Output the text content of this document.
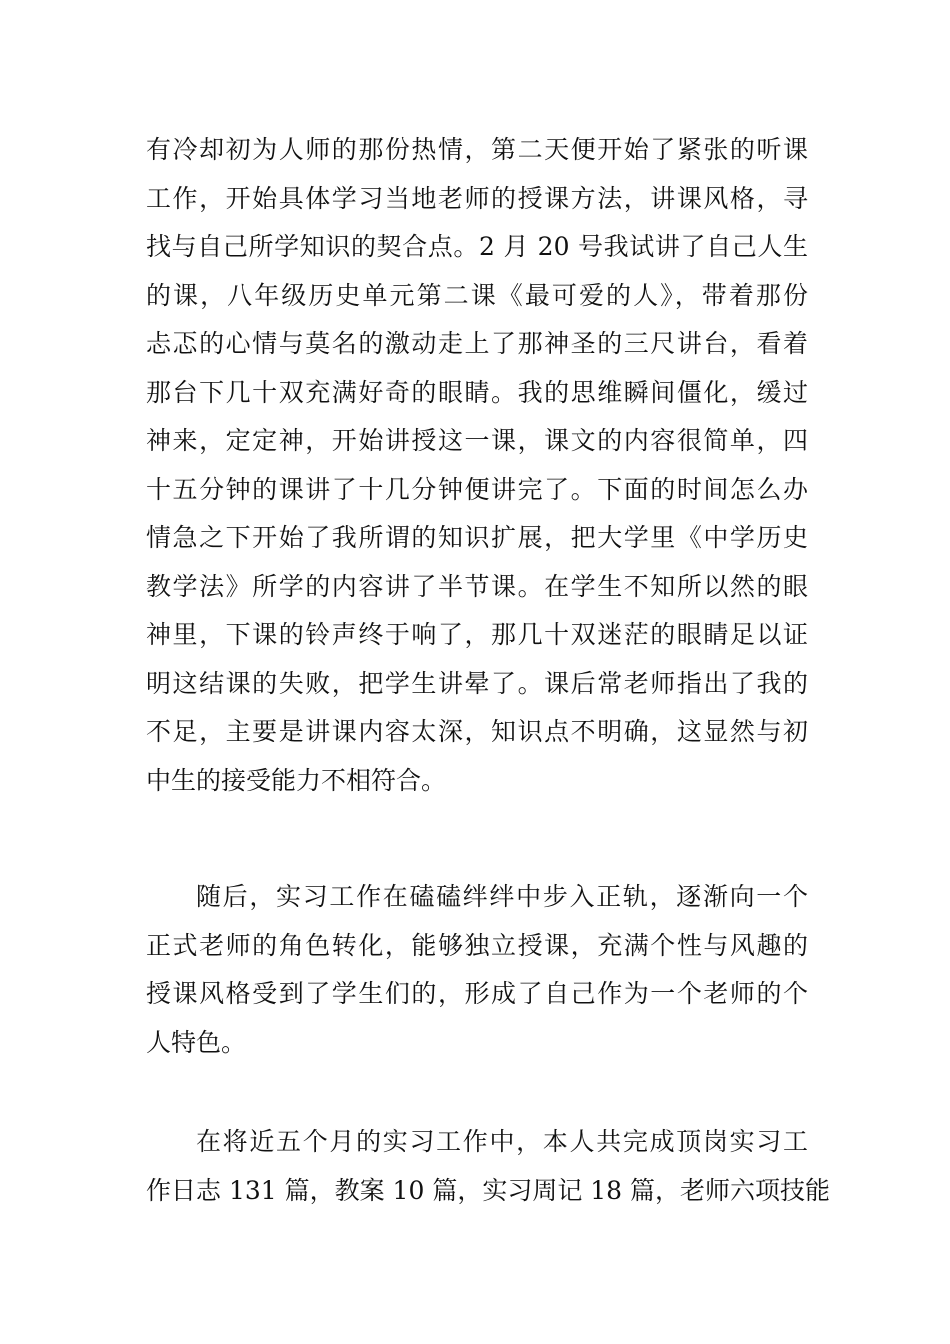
有冷却初为人师的那份热情，第二天便开始了紧张的听课
工作，开始具体学习当地老师的授课方法，讲课风格，寻
找与自己所学知识的契合点。2 月 20 号我试讲了自己人生
的课，八年级历史单元第二课《最可爱的人》，带着那份
忐忑的心情与莫名的激动走上了那神圣的三尺讲台，看着
那台下几十双充满好奇的眼睛。我的思维瞬间僵化，缓过
神来，定定神，开始讲授这一课，课文的内容很简单，四
十五分钟的课讲了十几分钟便讲完了。下面的时间怎么办
情急之下开始了我所谓的知识扩展，把大学里《中学历史
教学法》所学的内容讲了半节课。在学生不知所以然的眼
神里，下课的铃声终于响了，那几十双迷茫的眼睛足以证
明这结课的失败，把学生讲晕了。课后常老师指出了我的
不足，主要是讲课内容太深，知识点不明确，这显然与初
中生的接受能力不相符合。
随后，实习工作在磕磕绊绊中步入正轨，逐渐向一个
正式老师的角色转化，能够独立授课，充满个性与风趣的
授课风格受到了学生们的，形成了自己作为一个老师的个
人特色。
在将近五个月的实习工作中，本人共完成顶岗实习工
作日志 131 篇，教案 10 篇，实习周记 18 篇，老师六项技能
